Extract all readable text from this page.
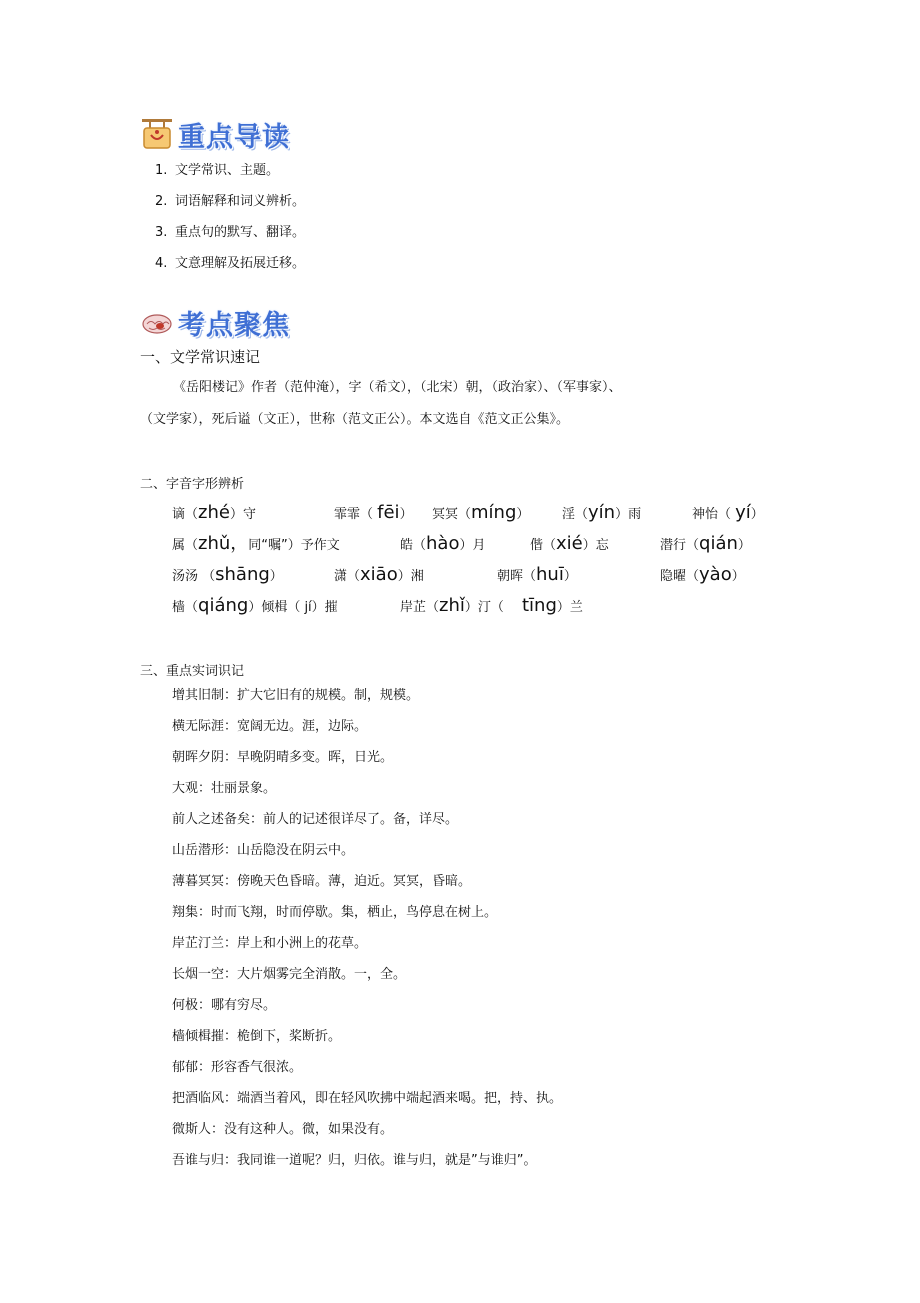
重点导读
1. 文学常识、主题。
2. 词语解释和词义辨析。
3. 重点句的默写、翻译。
4. 文意理解及拓展迁移。
考点聚焦
一、文学常识速记
《岳阳楼记》作者（范仲淹），字（希文），（北宋）朝，（政治家）、（军事家）、
（文学家），死后谥（文正），世称（范文正公）。本文选自《范文正公集》。
二、字音字形辨析
谪（zhé）守	霏霏（ fēi） 冥冥（míng）	淫（yín）雨	神怡（ yí）
属（zhǔ，同“嘱”）予作文	皓（hào）月	偕（xié）忘	潜行（qián）
汤汤 （shāng）	潇（xiāo）湘	朝晖（huī）	隐曜（yào）
樯（qiáng）倾楫（ jí）摧	岸芷（zhǐ）汀（ tīng）兰
三、重点实词识记
增其旧制：扩大它旧有的规模。制，规模。
横无际涯：宽阔无边。涯，边际。
朝晖夕阴：早晚阴晴多变。晖，日光。
大观：壮丽景象。
前人之述备矣：前人的记述很详尽了。备，详尽。
山岳潜形：山岳隐没在阴云中。
薄暮冥冥：傍晚天色昏暗。薄，迫近。冥冥，昏暗。
翔集：时而飞翔，时而停歇。集，栖止，鸟停息在树上。
岸芷汀兰：岸上和小洲上的花草。
长烟一空：大片烟雾完全消散。一，全。
何极：哪有穷尽。
樯倾楫摧：桅倒下，桨断折。
郁郁：形容香气很浓。
把酒临风：端酒当着风，即在轻风吹拂中端起酒来喝。把，持、执。
微斯人：没有这种人。微，如果没有。
吾谁与归：我同谁一道呢？归，归依。谁与归，就是”与谁归”。
